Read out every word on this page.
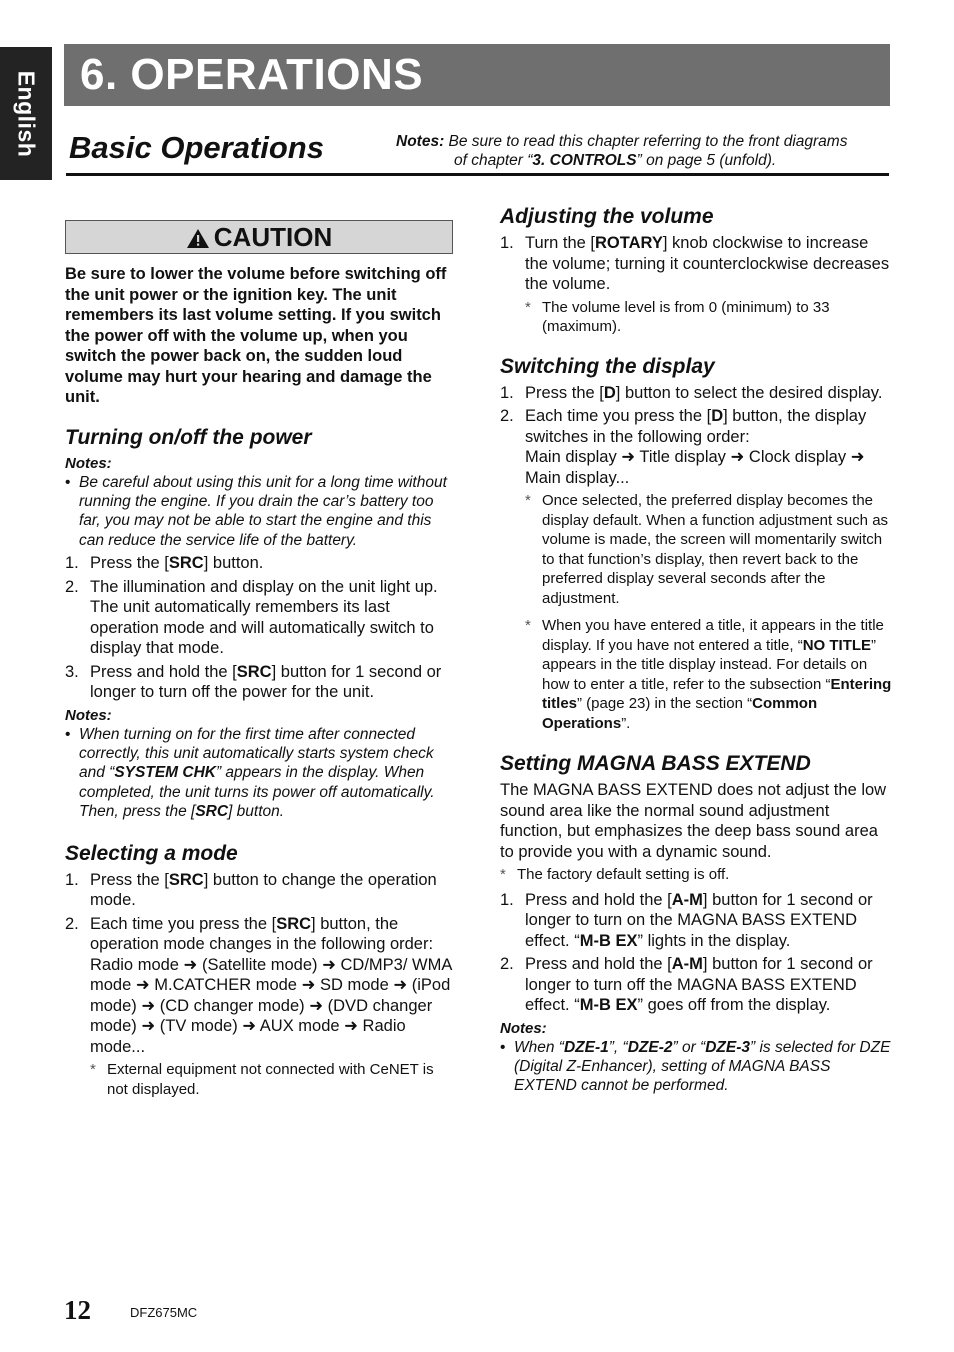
English 6. OPERATIONS
Basic Operations	Notes: Be sure to read this chapter referring to the front diagrams
of chapter “3. CONTROLS” on page 5 (unfold).
CAUTION

Be sure to lower the volume before switching off the unit power or the ignition key. The unit remembers its last volume setting. If you switch the power off with the volume up, when you switch the power back on, the sudden loud volume may hurt your hearing and damage the unit.

Turning on/off the power

Notes:

• Be careful about using this unit for a long time without running the engine. If you drain the car’s battery too far, you may not be able to start the engine and this can reduce the service life of the battery.

1. Press the [SRC] button.
2. The illumination and display on the unit light up. The unit automatically remembers its last operation mode and will automatically switch to display that mode.
3. Press and hold the [SRC] button for 1 second or longer to turn off the power for the unit.

Notes:

• When turning on for the first time after connected correctly, this unit automatically starts system check and “SYSTEM CHK” appears in the display. When completed, the unit turns its power off automatically. Then, press the [SRC] button.

Selecting a mode
1. Press the [SRC] button to change the operation mode.
2. Each time you press the [SRC] button, the operation mode changes in the following order:
Radio mode ➜ (Satellite mode) ➜ CD/MP3/ WMA mode ➜ M.CATCHER mode ➜ SD mode ➜ (iPod mode) ➜ (CD changer mode) ➜ (DVD changer mode) ➜ (TV mode) ➜ AUX mode ➜ Radio mode...

* External equipment not connected with CeNET is not displayed.

Adjusting the volume
1. Turn the [ROTARY] knob clockwise to increase the volume; turning it counterclockwise decreases the volume.

* The volume level is from 0 (minimum) to 33 (maximum).

Switching the display
1. Press the [D] button to select the desired display.
2. Each time you press the [D] button, the display switches in the following order:
Main display ➜ Title display ➜ Clock display ➜ Main display...

* Once selected, the preferred display becomes the display default. When a function adjustment such as volume is made, the screen will momentarily switch to that function’s display, then revert back to the preferred display several seconds after the adjustment.

* When you have entered a title, it appears in the title display. If you have not entered a title, “NO TITLE” appears in the title display instead. For details on how to enter a title, refer to the subsection “Entering titles” (page 23) in the section “Common Operations”.

Setting MAGNA BASS EXTEND

The MAGNA BASS EXTEND does not adjust the low sound area like the normal sound adjustment function, but emphasizes the deep bass sound area to provide you with a dynamic sound.

* The factory default setting is off.

1. Press and hold the [A-M] button for 1 second or longer to turn on the MAGNA BASS EXTEND effect. “M-B EX” lights in the display.
2. Press and hold the [A-M] button for 1 second or longer to turn off the MAGNA BASS EXTEND effect. “M-B EX” goes off from the display.

Notes:

• When “DZE-1”, “DZE-2” or “DZE-3” is selected for DZE (Digital Z-Enhancer), setting of MAGNA BASS EXTEND cannot be performed.

12	DFZ675MC
